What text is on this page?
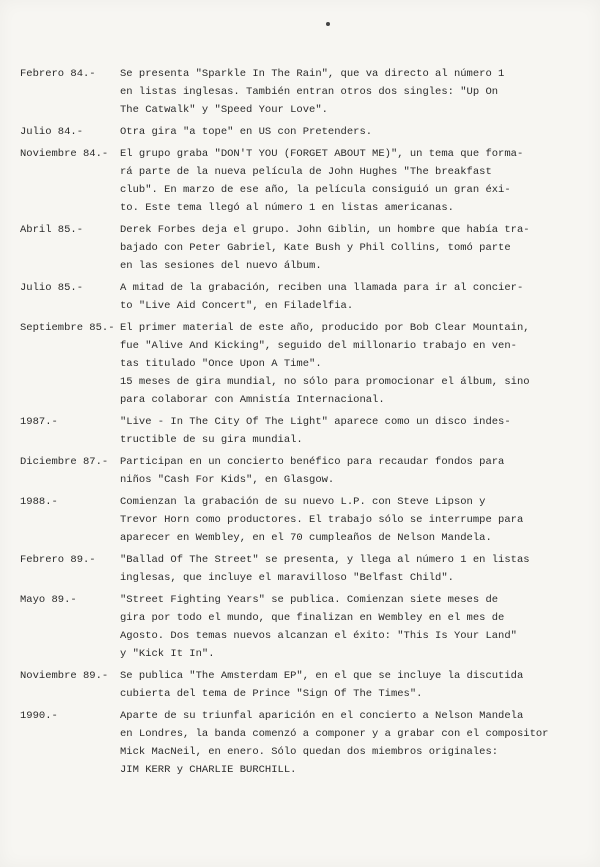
Febrero 84.-	Se presenta "Sparkle In The Rain", que va directo al número 1
en listas inglesas. También entran otros dos singles: "Up On
The Catwalk" y "Speed Your Love".
Julio 84.-	Otra gira "a tope" en US con Pretenders.
Noviembre 84.-	El grupo graba "DON'T YOU (FORGET ABOUT ME)", un tema que forma-
rá parte de la nueva película de John Hughes "The breakfast
club". En marzo de ese año, la película consiguió un gran éxi-
to. Este tema llegó al número 1 en listas americanas.
Abril 85.-	Derek Forbes deja el grupo. John Giblin, un hombre que había tra-
bajado con Peter Gabriel, Kate Bush y Phil Collins, tomó parte
en las sesiones del nuevo álbum.
Julio 85.-	A mitad de la grabación, reciben una llamada para ir al concier-
to "Live Aid Concert", en Filadelfia.
Septiembre 85.- El primer material de este año, producido por Bob Clear Mountain,
fue "Alive And Kicking", seguido del millonario trabajo en ven-
tas titulado "Once Upon A Time".
15 meses de gira mundial, no sólo para promocionar el álbum, sino
para colaborar con Amnistía Internacional.
1987.-	"Live - In The City Of The Light" aparece como un disco indes-
tructible de su gira mundial.
Diciembre 87.-	Participan en un concierto benéfico para recaudar fondos para
niños "Cash For Kids", en Glasgow.
1988.-	Comienzan la grabación de su nuevo L.P. con Steve Lipson y
Trevor Horn como productores. El trabajo sólo se interrumpe para
aparecer en Wembley, en el 70 cumpleaños de Nelson Mandela.
Febrero 89.-	"Ballad Of The Street" se presenta, y llega al número 1 en listas
inglesas, que incluye el maravilloso "Belfast Child".
Mayo 89.-	"Street Fighting Years" se publica. Comienzan siete meses de
gira por todo el mundo, que finalizan en Wembley en el mes de
Agosto. Dos temas nuevos alcanzan el éxito: "This Is Your Land"
y "Kick It In".
Noviembre 89.-	Se publica "The Amsterdam EP", en el que se incluye la discutida
cubierta del tema de Prince "Sign Of The Times".
1990.-	Aparte de su triunfal aparición en el concierto a Nelson Mandela
en Londres, la banda comenzó a componer y a grabar con el compositor
Mick MacNeil, en enero. Sólo quedan dos miembros originales:
JIM KERR y CHARLIE BURCHILL.
